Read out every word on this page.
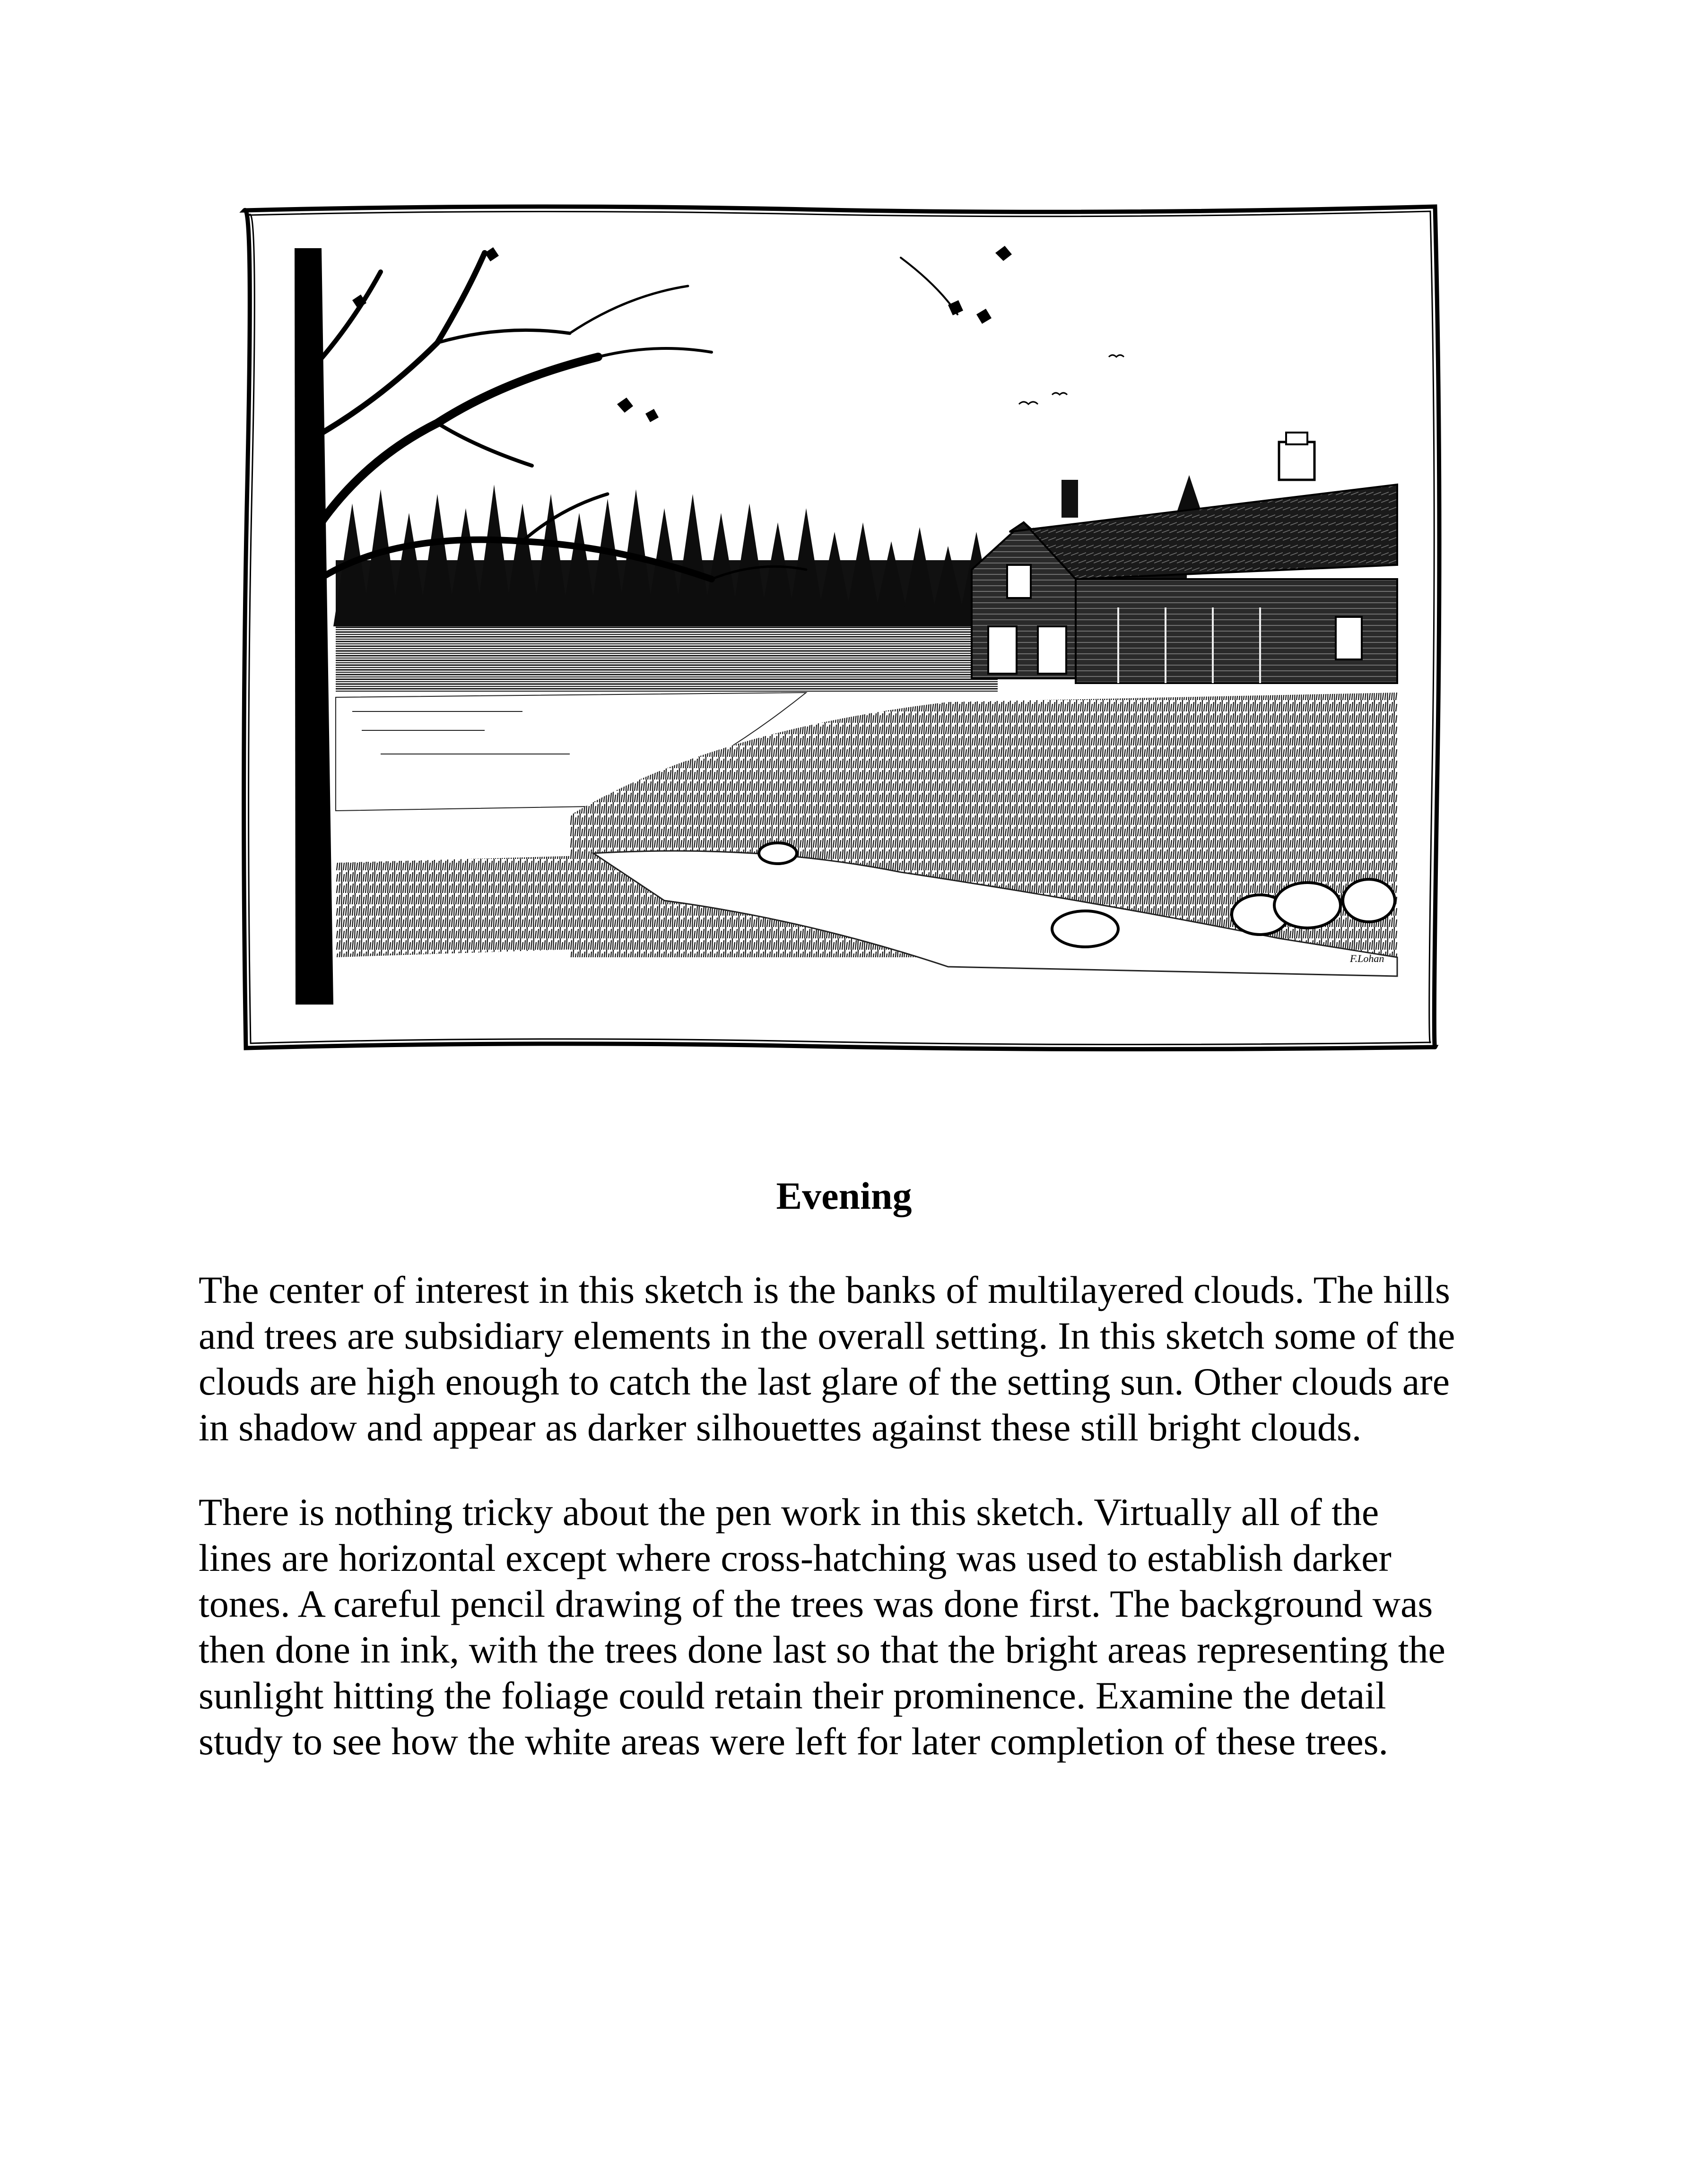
F.Lohan
Evening

The center of interest in this sketch is the banks of multilayered clouds. The hills
and trees are subsidiary elements in the overall setting. In this sketch some of the
clouds are high enough to catch the last glare of the setting sun. Other clouds are
in shadow and appear as darker silhouettes against these still bright clouds.

There is nothing tricky about the pen work in this sketch. Virtually all of the
lines are horizontal except where cross-hatching was used to establish darker
tones. A careful pencil drawing of the trees was done first. The background was
then done in ink, with the trees done last so that the bright areas representing the
sunlight hitting the foliage could retain their prominence. Examine the detail
study to see how the white areas were left for later completion of these trees.
